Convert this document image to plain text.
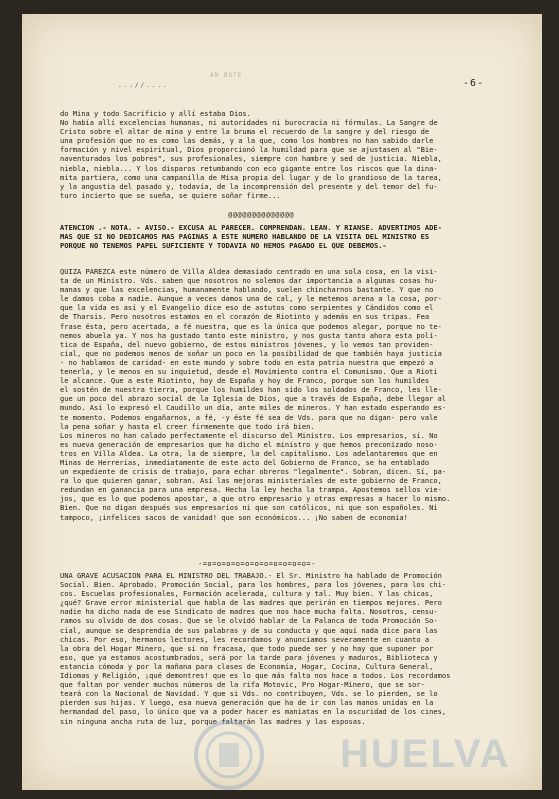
AN BSTE
...//....	-6-
do Mina y todo Sacrificio y allí estaba Dios.
No había allí excelencias humanas, ni autoridades ni burocracia ni fórmulas. La Sangre de
Cristo sobre el altar de mina y entre la bruma el recuerdo de la sangre y del riesgo de
una profesión que no es como las demás, y a la que, como los hombres no han sabido darle
formación y nivel espiritual, Dios proporcionó la humildad para que se ajustasen al "Bie-
naventurados los pobres", sus profesionales, siempre con hambre y sed de justicia. Niebla,
niebla, niebla... Y los disparos retumbando con eco gigante entre los riscos que la dina-
mita partiera, como una campanilla de Misa propia del lugar y de lo grandioso de la tarea,
y la angustia del pasado y, todavía, de la incomprensión del presente y del temor del fu-
turo incierto que se sueña, se quiere soñar firme...
@@@@@@@@@@@@@@
ATENCION .- NOTA. - AVISO.- EXCUSA AL PARECER. COMPRENDAN. LEAN. Y RIANSE. ADVERTIMOS ADE-
MAS QUE SI NO DEDICAMOS MAS PAGINAS A ESTE NUMERO HABLANDO DE LA VISITA DEL MINISTRO ES
PORQUE NO TENEMOS PAPEL SUFICIENTE Y TODAVIA NO HEMOS PAGADO EL QUE DEBEMOS.-
QUIZA PAREZCA este número de Villa Aldea demasiado centrado en una sola cosa, en la visi-
ta de un Ministro. Vds. saben que nosotros no solemos dar importancia a algunas cosas hu-
manas y que las excelencias, humanamente hablando, suelen chincharnos bastante. Y que no
le damos coba a nadie. Aunque a veces damos una de cal, y le metemos arena a la cosa, por-
que la vida es así y el Evangelio dice eso de astutos como serpientes y Cándidos como el
de Tharsis. Pero nosotros estamos en el corazón de Riotinto y además en sus tripas. Fea
frase ésta, pero acertada, a fé nuestra, que es la única que podemos alegar, porque no te-
nemos abuela ya. Y nos ha gustado tanto este ministro, y nos gusta tanto ahora esta polí-
tica de España, del nuevo gobierno, de estos ministros jóvenes, y lo vemos tan providen-
cial, que no podemos menos de soñar un poco en la posibilidad de que también haya justicia
- no hablamos de caridad- en este mundo y sobre todo en esta patria nuestra que empezó a
tenerla, y le menos en su inquietud, desde el Movimiento contra el Comunismo. Que a Rioti
le alcance. Que a este Riotinto, hoy de España y hoy de Franco, porque son los humildes
el sostén de nuestra tierra, porque los humildes han sido los soldados de Franco, les lle-
gue un poco del abrazo social de la Iglesia de Dios, que a través de España, debe llegar al
mundo. Así lo expresó el Caudillo un día, ante miles de mineros. Y han estado esperando es-
te momento. Podemos engañarnos, a fé, -y éste fé sea de Vds. para que no digan- pero vale
la pena soñar y hasta el creer firmemente que todo irá bien.
Los mineros no han calado perfectamente el discurso del Ministro. Los empresarios, sí. No
es nueva generación de empresarios que ha dicho el ministro y que hemos preconizado noso-
tros en Villa Aldea. La otra, la de siempre, la del capitalismo. Los adelantaremos que en
Minas de Herrerías, inmediatamente de este acto del Gobierno de Franco, se ha entablado
un expediente de crisis de trabajo, para echar obreros "legalmente". Sobran, dicen. Sí, pa-
ra lo que quieren ganar, sobran. Así las mejoras ministeriales de este gobierno de Franco,
redundan en ganancia para una empresa. Hecha la ley hecha la trampa. Apostemos sellos vie-
jos, que es lo que podemos apostar, a que otro empresario y otras empresas a hacer lo mismo.
Bien. Que no digan después sus empresarios ni que son católicos, ni que son españoles. Ni
tampoco, ¡infelices sacos de vanidad! que son económicos... ¡No saben de economía!
-=o=o=o=o=o=o=o=o=o=o=o=-
UNA GRAVE ACUSACION PARA EL MINISTRO DEL TRABAJO.- El Sr. Ministro ha hablado de Promoción
Social. Bien. Aprobado. Promoción Social, para los hombres, para los jóvenes, para los chi-
cos. Escuelas profesionales, Formación acelerada, cultura y tal. Muy bien. Y las chicas,
¿qué? Grave error ministerial que habla de las madres que perirán en tiempos mejores. Pero
nadie ha dicho nada de ese Sindicato de madres que nos hace mucha falta. Nosotros, censu-
ramos su olvido de dos cosas. Que se le olvidó hablar de la Palanca de toda Promoción So-
cial, aunque se desprendía de sus palabras y de su conducta y que aquí nada dice para las
chicas. Por eso, hermanos lectores, les recordamos y anunciamos severamente en cuanto a
la obra del Hogar Minero, que si no fracasa, que todo puede ser y no hay que suponer por
eso, que ya estamos acostumbrados, será por la tarde para jóvenes y maduros, Biblioteca y
estancia cómoda y por la mañana para clases de Economía, Hogar, Cocina, Cultura General,
Idiomas y Religión, ¡qué demontres! que es lo que más falta nos hace a todos. Los recordamos
que faltan por vender muchos números de la rifa Motovic, Pro Hogar-Minero, que se sor-
teará con la Nacional de Navidad. Y que si Vds. no contribuyen, Vds. se lo pierden, se lo
pierden sus hijas. Y luego, esa nueva generación que ha de ir con las manos unidas en la
hermandad del paso, lo único que va a poder hacer es maniatas en la oscuridad de los cines,
sin ninguna ancha ruta de luz, porque faltarán las madres y las esposas.
HUELVA
